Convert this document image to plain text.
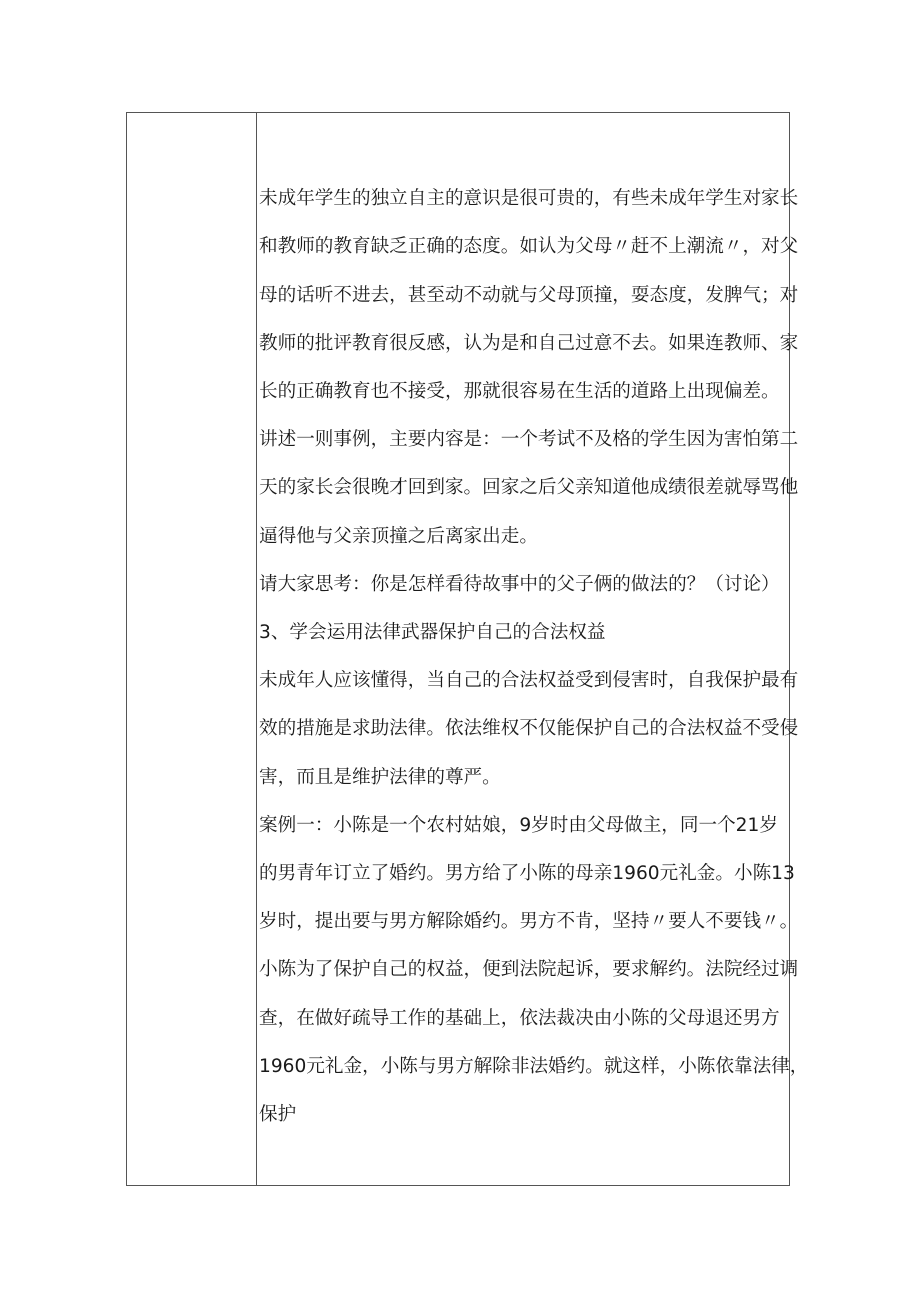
未成年学生的独立自主的意识是很可贵的，有些未成年学生对家长
和教师的教育缺乏正确的态度。如认为父母〃赶不上潮流〃，对父
母的话听不进去，甚至动不动就与父母顶撞，耍态度，发脾气；对
教师的批评教育很反感，认为是和自己过意不去。如果连教师、家
长的正确教育也不接受，那就很容易在生活的道路上出现偏差。
讲述一则事例，主要内容是：一个考试不及格的学生因为害怕第二
天的家长会很晚才回到家。回家之后父亲知道他成绩很差就辱骂他
逼得他与父亲顶撞之后离家出走。
请大家思考：你是怎样看待故事中的父子俩的做法的？（讨论）
3、学会运用法律武器保护自己的合法权益
未成年人应该懂得，当自己的合法权益受到侵害时，自我保护最有
效的措施是求助法律。依法维权不仅能保护自己的合法权益不受侵
害，而且是维护法律的尊严。
案例一：小陈是一个农村姑娘，9岁时由父母做主，同一个21岁
的男青年订立了婚约。男方给了小陈的母亲1960元礼金。小陈13
岁时，提出要与男方解除婚约。男方不肯，坚持〃要人不要钱〃。
小陈为了保护自己的权益，便到法院起诉，要求解约。法院经过调
查，在做好疏导工作的基础上，依法裁决由小陈的父母退还男方
1960元礼金，小陈与男方解除非法婚约。就这样，小陈依靠法律，
保护
